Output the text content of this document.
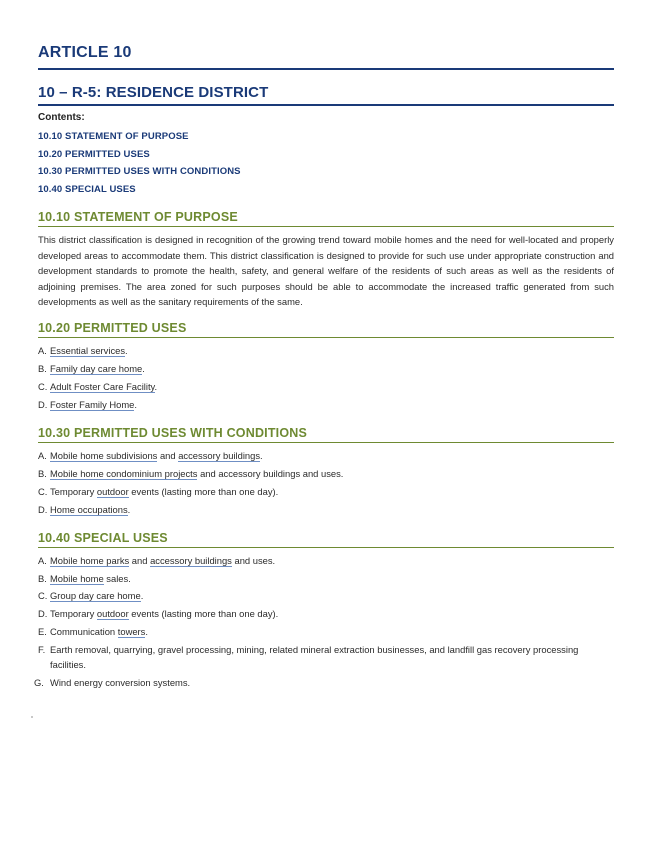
ARTICLE 10
10 – R-5: RESIDENCE DISTRICT
Contents:
10.10 STATEMENT OF PURPOSE
10.20 PERMITTED USES
10.30 PERMITTED USES WITH CONDITIONS
10.40 SPECIAL USES
10.10 STATEMENT OF PURPOSE

This district classification is designed in recognition of the growing trend toward mobile homes and the need for well-located and properly developed areas to accommodate them. This district classification is designed to provide for such use under appropriate construction and development standards to promote the health, safety, and general welfare of the residents of such areas as well as the residents of adjoining premises. The area zoned for such purposes should be able to accommodate the increased traffic generated from such developments as well as the sanitary requirements of the same.

10.20 PERMITTED USES
A. Essential services.
B. Family day care home.
C. Adult Foster Care Facility.
D. Foster Family Home.
10.30 PERMITTED USES WITH CONDITIONS
A. Mobile home subdivisions and accessory buildings.
B. Mobile home condominium projects and accessory buildings and uses.
C. Temporary outdoor events (lasting more than one day).
D. Home occupations.
10.40 SPECIAL USES
A. Mobile home parks and accessory buildings and uses.
B. Mobile home sales.
C. Group day care home.
D. Temporary outdoor events (lasting more than one day).
E. Communication towers.
F. Earth removal, quarrying, gravel processing, mining, related mineral extraction businesses, and landfill gas recovery processing facilities.
G. Wind energy conversion systems.
